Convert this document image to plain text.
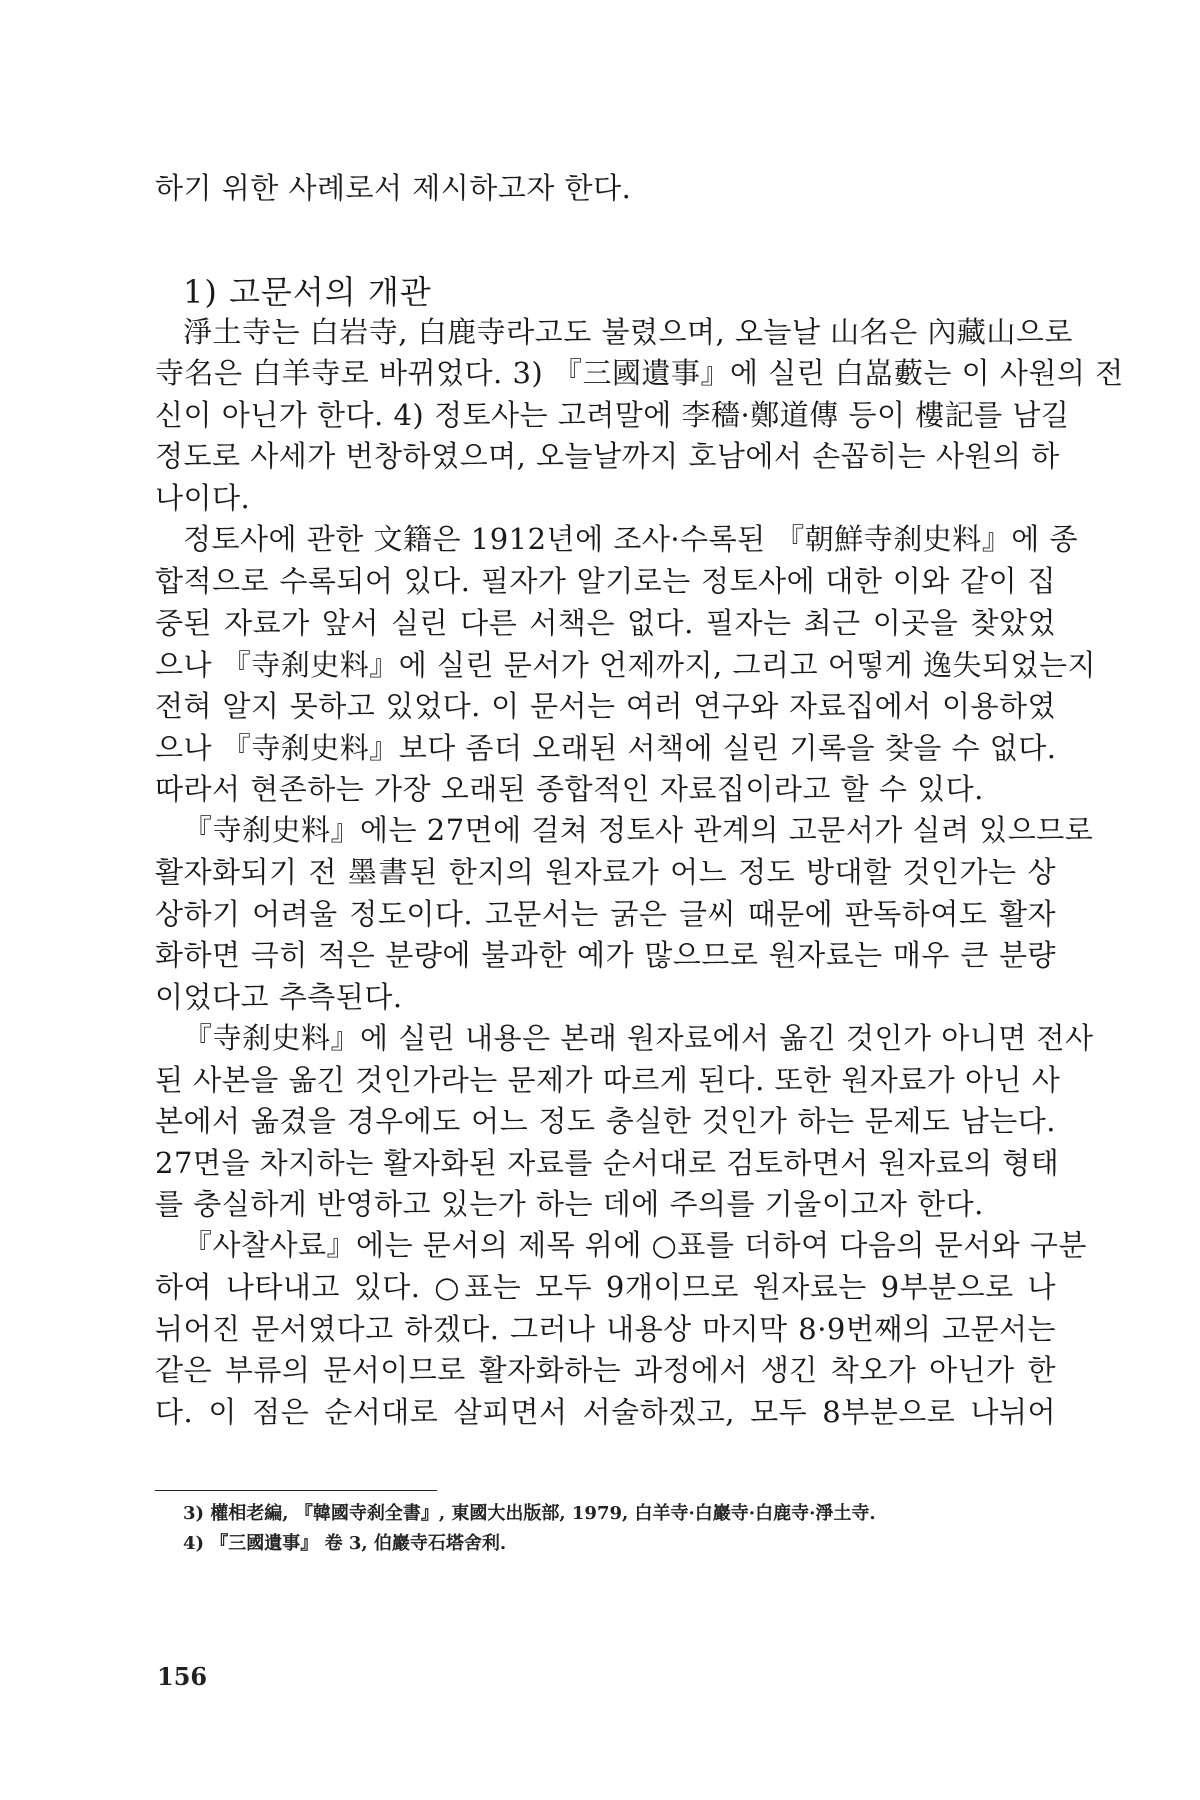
하기 위한 사례로서 제시하고자 한다.
1) 고문서의 개관
淨土寺는 白岩寺, 白鹿寺라고도 불렸으며, 오늘날 山名은 內藏山으로
寺名은 白羊寺로 바뀌었다. 3) 『三國遺事』에 실린 白嵓藪는 이 사원의 전
신이 아닌가 한다. 4) 정토사는 고려말에 李穡·鄭道傳 등이 樓記를 남길
정도로 사세가 번창하였으며, 오늘날까지 호남에서 손꼽히는 사원의 하
나이다.
정토사에 관한 文籍은 1912년에 조사·수록된 『朝鮮寺刹史料』에 종
합적으로 수록되어 있다. 필자가 알기로는 정토사에 대한 이와 같이 집
중된 자료가 앞서 실린 다른 서책은 없다. 필자는 최근 이곳을 찾았었
으나 『寺刹史料』에 실린 문서가 언제까지, 그리고 어떻게 逸失되었는지
전혀 알지 못하고 있었다. 이 문서는 여러 연구와 자료집에서 이용하였
으나 『寺刹史料』보다 좀더 오래된 서책에 실린 기록을 찾을 수 없다.
따라서 현존하는 가장 오래된 종합적인 자료집이라고 할 수 있다.
『寺刹史料』에는 27면에 걸쳐 정토사 관계의 고문서가 실려 있으므로
활자화되기 전 墨書된 한지의 원자료가 어느 정도 방대할 것인가는 상
상하기 어려울 정도이다. 고문서는 굵은 글씨 때문에 판독하여도 활자
화하면 극히 적은 분량에 불과한 예가 많으므로 원자료는 매우 큰 분량
이었다고 추측된다.
『寺刹史料』에 실린 내용은 본래 원자료에서 옮긴 것인가 아니면 전사
된 사본을 옮긴 것인가라는 문제가 따르게 된다. 또한 원자료가 아닌 사
본에서 옮겼을 경우에도 어느 정도 충실한 것인가 하는 문제도 남는다.
27면을 차지하는 활자화된 자료를 순서대로 검토하면서 원자료의 형태
를 충실하게 반영하고 있는가 하는 데에 주의를 기울이고자 한다.
『사찰사료』에는 문서의 제목 위에 ○표를 더하여 다음의 문서와 구분
하여 나타내고 있다. ○표는 모두 9개이므로 원자료는 9부분으로 나
뉘어진 문서였다고 하겠다. 그러나 내용상 마지막 8·9번째의 고문서는
같은 부류의 문서이므로 활자화하는 과정에서 생긴 착오가 아닌가 한
다. 이 점은 순서대로 살피면서 서술하겠고, 모두 8부분으로 나뉘어
3) 權相老編, 『韓國寺刹全書』, 東國大出版部, 1979, 白羊寺·白巖寺·白鹿寺·淨土寺.
4) 『三國遺事』 卷 3, 伯巖寺石塔舍利.
156
